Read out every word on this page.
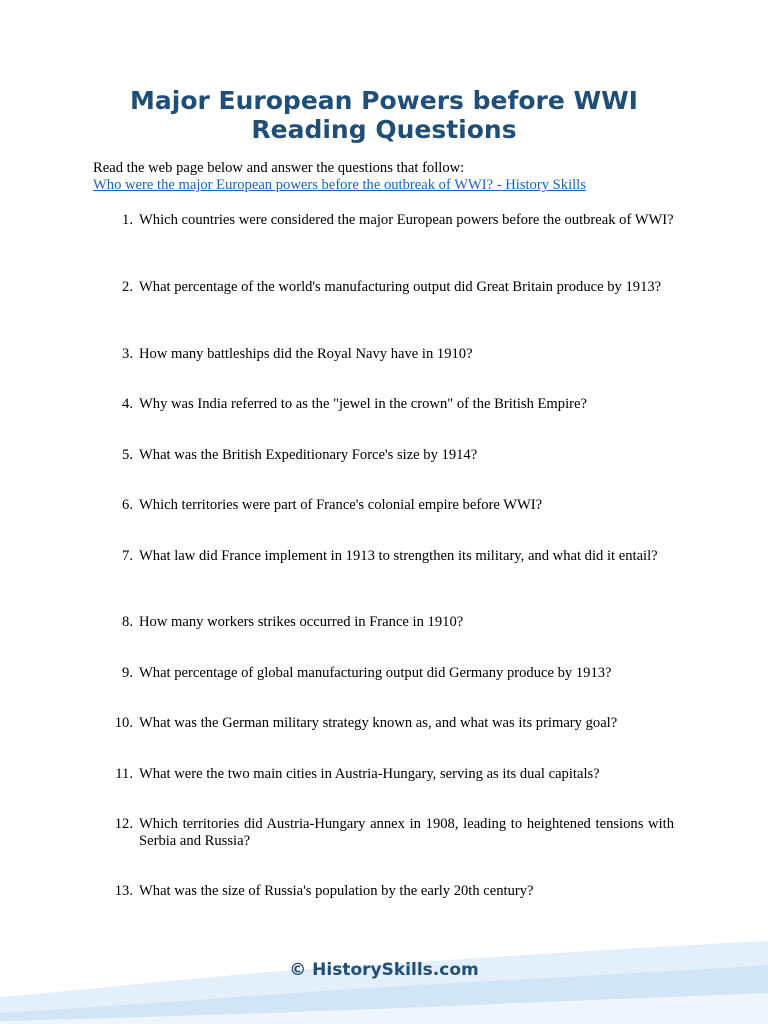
Major European Powers before WWI
Reading Questions
Read the web page below and answer the questions that follow:
Who were the major European powers before the outbreak of WWI? - History Skills
1. Which countries were considered the major European powers before the outbreak of WWI?
2. What percentage of the world's manufacturing output did Great Britain produce by 1913?
3. How many battleships did the Royal Navy have in 1910?
4. Why was India referred to as the "jewel in the crown" of the British Empire?
5. What was the British Expeditionary Force's size by 1914?
6. Which territories were part of France's colonial empire before WWI?
7. What law did France implement in 1913 to strengthen its military, and what did it entail?
8. How many workers strikes occurred in France in 1910?
9. What percentage of global manufacturing output did Germany produce by 1913?
10. What was the German military strategy known as, and what was its primary goal?
11. What were the two main cities in Austria-Hungary, serving as its dual capitals?
12. Which territories did Austria-Hungary annex in 1908, leading to heightened tensions with Serbia and Russia?
13. What was the size of Russia's population by the early 20th century?
© HistorySkills.com
